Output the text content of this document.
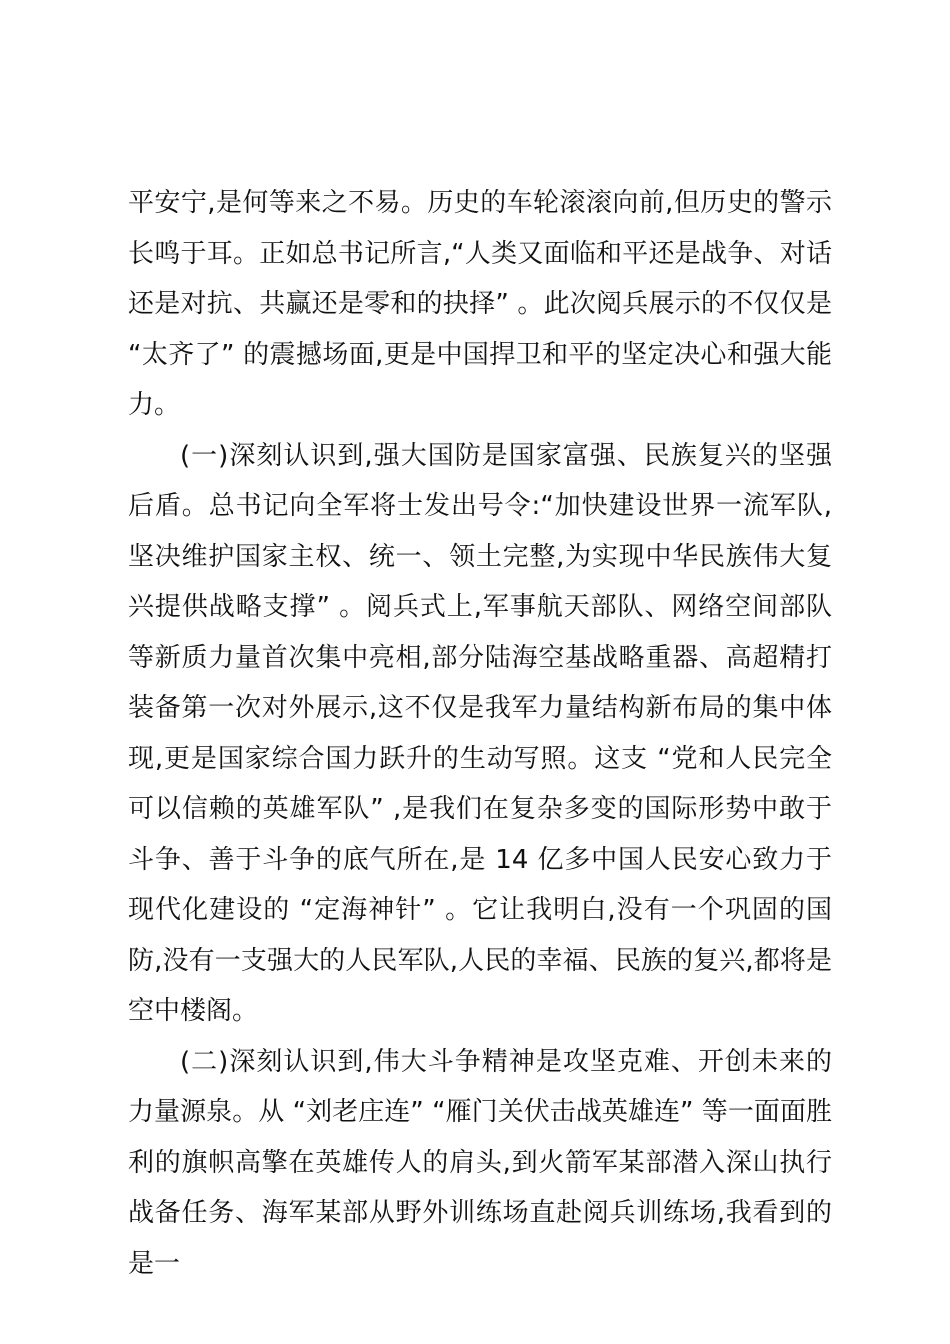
平安宁,是何等来之不易。历史的车轮滚滚向前,但历史的警示长鸣于耳。正如总书记所言,“人类又面临和平还是战争、对话还是对抗、共赢还是零和的抉择” 。此次阅兵展示的不仅仅是 “太齐了” 的震撼场面,更是中国捍卫和平的坚定决心和强大能力。

(一)深刻认识到,强大国防是国家富强、民族复兴的坚强后盾。总书记向全军将士发出号令:“加快建设世界一流军队,坚决维护国家主权、统一、领土完整,为实现中华民族伟大复兴提供战略支撑” 。阅兵式上,军事航天部队、网络空间部队等新质力量首次集中亮相,部分陆海空基战略重器、高超精打装备第一次对外展示,这不仅是我军力量结构新布局的集中体现,更是国家综合国力跃升的生动写照。这支 “党和人民完全可以信赖的英雄军队” ,是我们在复杂多变的国际形势中敢于斗争、善于斗争的底气所在,是 14 亿多中国人民安心致力于现代化建设的 “定海神针” 。它让我明白,没有一个巩固的国防,没有一支强大的人民军队,人民的幸福、民族的复兴,都将是空中楼阁。

(二)深刻认识到,伟大斗争精神是攻坚克难、开创未来的力量源泉。从 “刘老庄连” “雁门关伏击战英雄连” 等一面面胜利的旗帜高擎在英雄传人的肩头,到火箭军某部潜入深山执行战备任务、海军某部从野外训练场直赴阅兵训练场,我看到的是一
